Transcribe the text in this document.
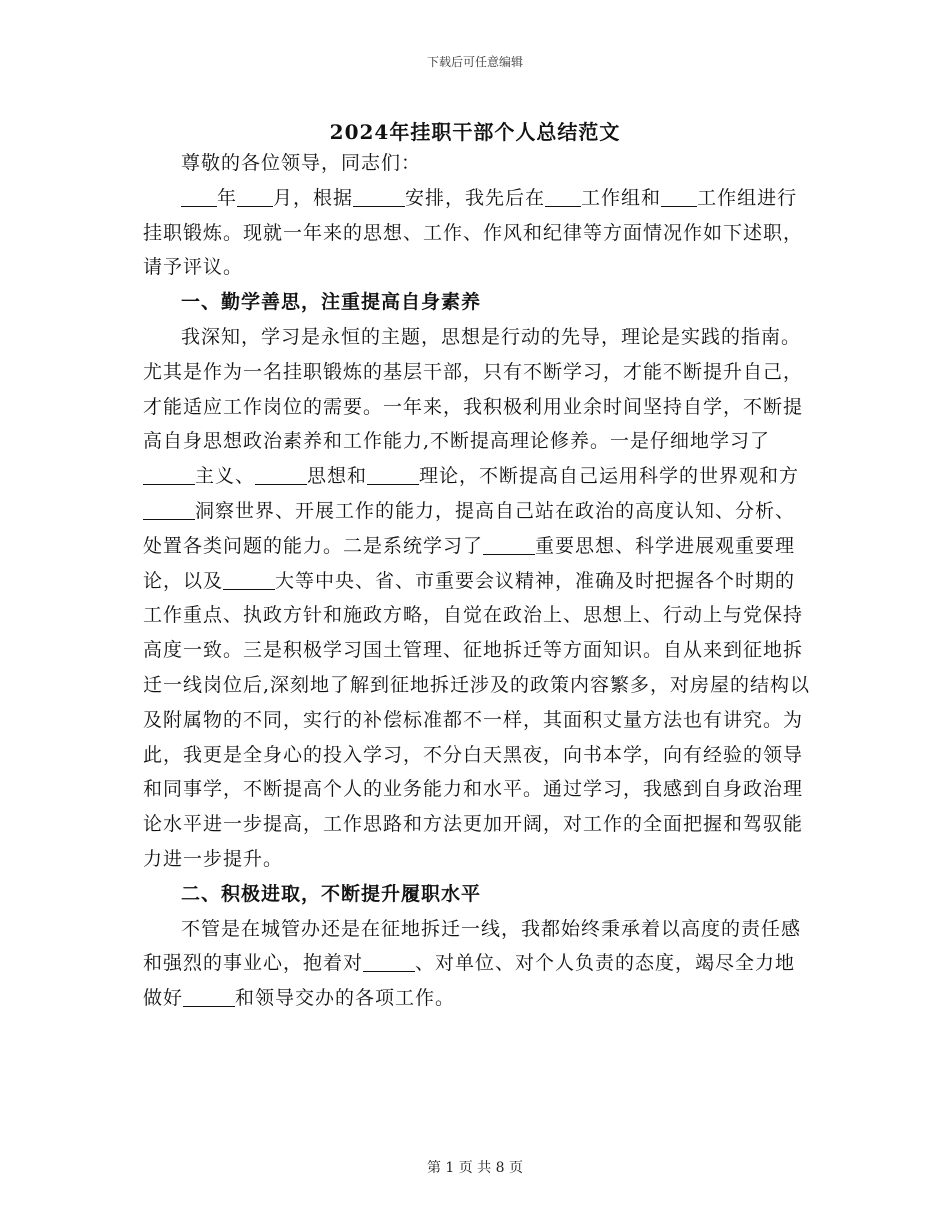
下载后可任意编辑
2024年挂职干部个人总结范文

尊敬的各位领导，同志们：

年 月，根据	安排，我先后在 工作组和 工作组进行挂职锻炼。现就一年来的思想、工作、作风和纪律等方面情况作如下述职，请予评议。

一、勤学善思，注重提高自身素养

我深知，学习是永恒的主题，思想是行动的先导，理论是实践的指南。尤其是作为一名挂职锻炼的基层干部，只有不断学习，才能不断提升自己，才能适应工作岗位的需要。一年来，我积极利用业余时间坚持自学，不断提高自身思想政治素养和工作能力,不断提高理论修养。一是仔细地学习了主义、	思想和	理论，不断提高自己运用科学的世界观和方洞察世界、开展工作的能力，提高自己站在政治的高度认知、分析、处置各类问题的能力。二是系统学习了	重要思想、科学进展观重要理论，以及	大等中央、省、市重要会议精神，准确及时把握各个时期的工作重点、执政方针和施政方略，自觉在政治上、思想上、行动上与党保持高度一致。三是积极学习国土管理、征地拆迁等方面知识。自从来到征地拆迁一线岗位后,深刻地了解到征地拆迁涉及的政策内容繁多，对房屋的结构以及附属物的不同，实行的补偿标准都不一样，其面积丈量方法也有讲究。为此，我更是全身心的投入学习，不分白天黑夜，向书本学，向有经验的领导和同事学，不断提高个人的业务能力和水平。通过学习，我感到自身政治理论水平进一步提高，工作思路和方法更加开阔，对工作的全面把握和驾驭能力进一步提升。

二、积极进取，不断提升履职水平

不管是在城管办还是在征地拆迁一线，我都始终秉承着以高度的责任感和强烈的事业心，抱着对	、对单位、对个人负责的态度，竭尽全力地做好	和领导交办的各项工作。

第 1 页 共 8 页
